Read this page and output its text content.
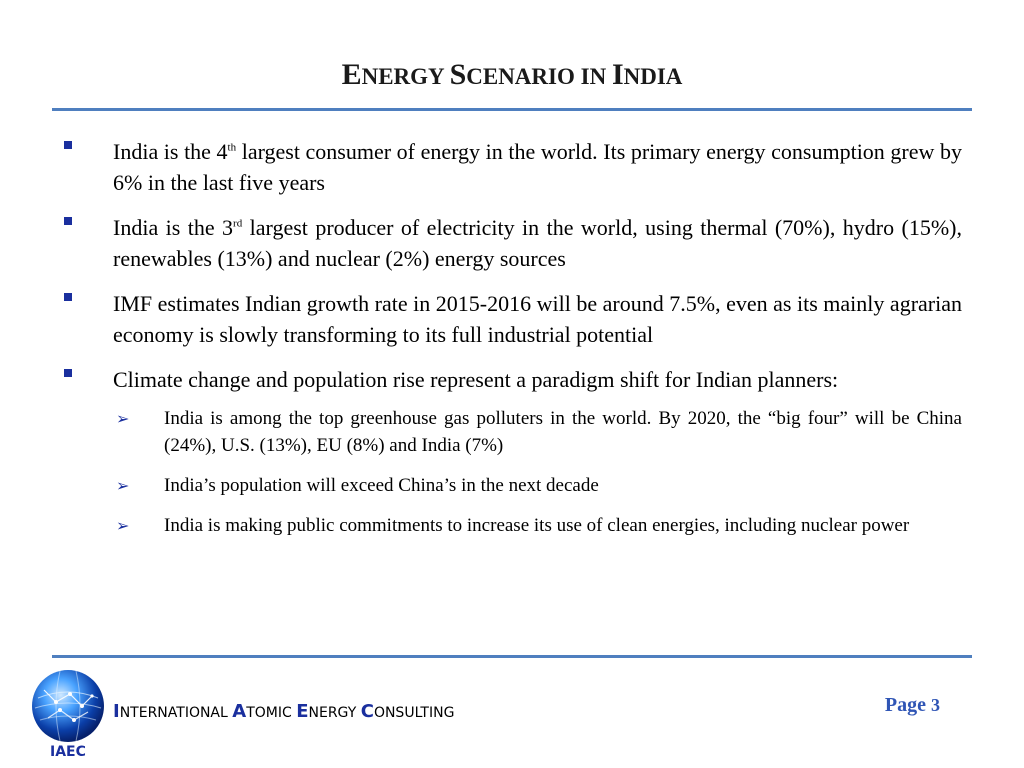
ENERGY SCENARIO IN INDIA
India is the 4th largest consumer of energy in the world. Its primary energy consumption grew by 6% in the last five years
India is the 3rd largest producer of electricity in the world, using thermal (70%), hydro (15%), renewables (13%) and nuclear (2%) energy sources
IMF estimates Indian growth rate in 2015-2016 will be around 7.5%, even as its mainly agrarian economy is slowly transforming to its full industrial potential
Climate change and population rise represent a paradigm shift for Indian planners:
➢ India is among the top greenhouse gas polluters in the world. By 2020, the “big four” will be China (24%), U.S. (13%), EU (8%) and India (7%)
➢ India’s population will exceed China’s in the next decade
➢ India is making public commitments to increase its use of clean energies, including nuclear power
IAEC
INTERNATIONAL ATOMIC ENERGY CONSULTING	Page 3
